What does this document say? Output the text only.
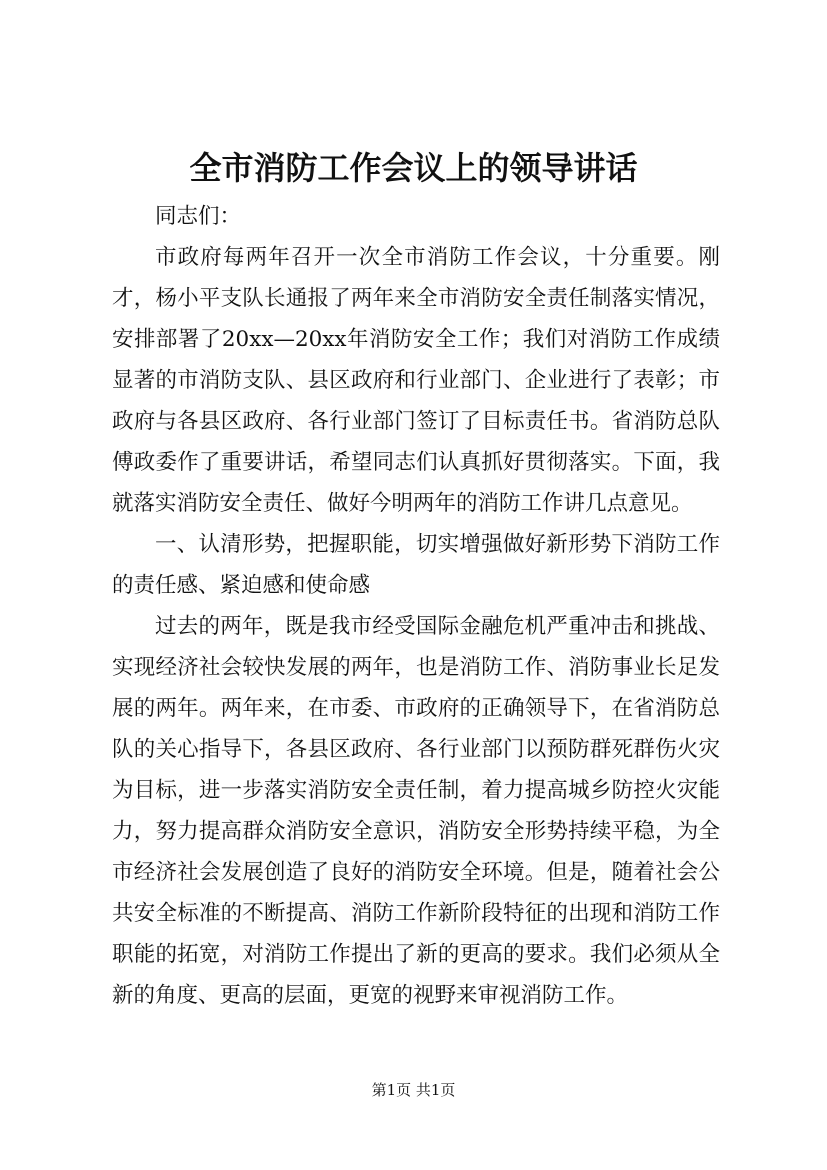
全市消防工作会议上的领导讲话

同志们：

市政府每两年召开一次全市消防工作会议，十分重要。刚才，杨小平支队长通报了两年来全市消防安全责任制落实情况，安排部署了20xx—20xx年消防安全工作；我们对消防工作成绩显著的市消防支队、县区政府和行业部门、企业进行了表彰；市政府与各县区政府、各行业部门签订了目标责任书。省消防总队傅政委作了重要讲话，希望同志们认真抓好贯彻落实。下面，我就落实消防安全责任、做好今明两年的消防工作讲几点意见。

一、认清形势，把握职能，切实增强做好新形势下消防工作的责任感、紧迫感和使命感

过去的两年，既是我市经受国际金融危机严重冲击和挑战、实现经济社会较快发展的两年，也是消防工作、消防事业长足发展的两年。两年来，在市委、市政府的正确领导下，在省消防总队的关心指导下，各县区政府、各行业部门以预防群死群伤火灾为目标，进一步落实消防安全责任制，着力提高城乡防控火灾能力，努力提高群众消防安全意识，消防安全形势持续平稳，为全市经济社会发展创造了良好的消防安全环境。但是，随着社会公共安全标准的不断提高、消防工作新阶段特征的出现和消防工作职能的拓宽，对消防工作提出了新的更高的要求。我们必须从全新的角度、更高的层面，更宽的视野来审视消防工作。

第1页 共1页
